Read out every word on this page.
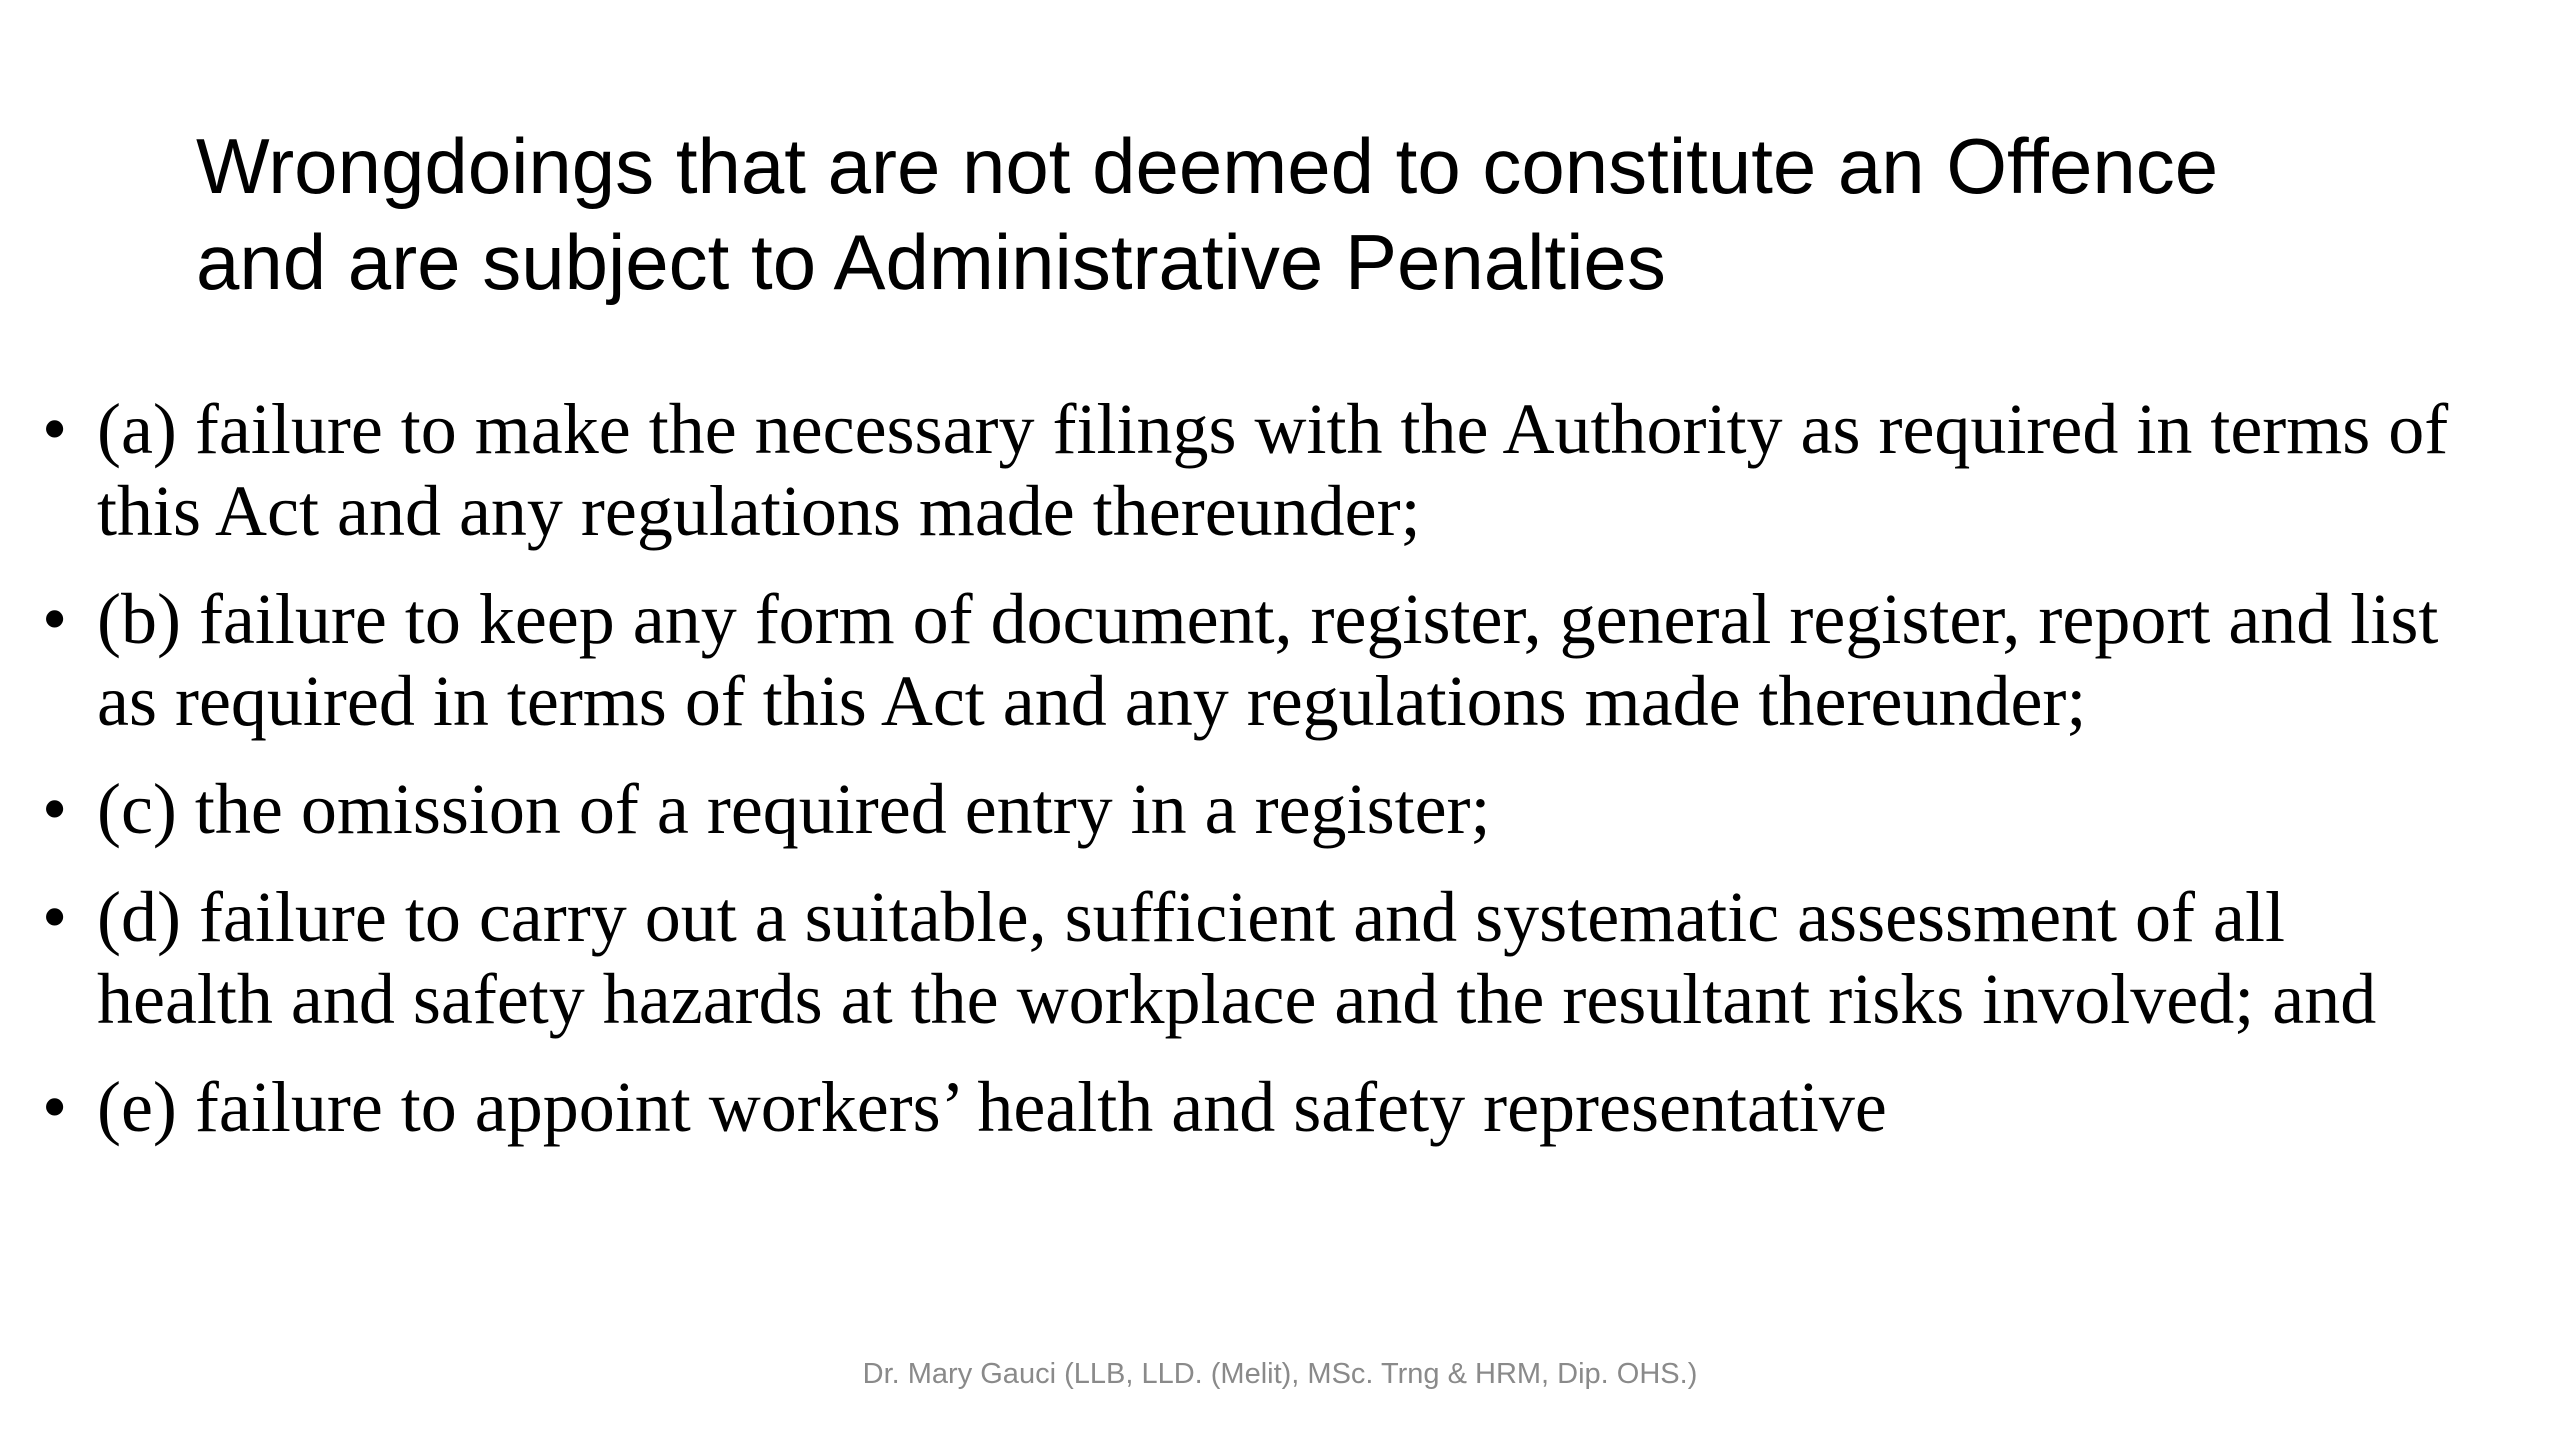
Wrongdoings that are not deemed to constitute an Offence
and are subject to Administrative Penalties
• (a) failure to make the necessary filings with the Authority as required in terms of this Act and any regulations made thereunder;
• (b) failure to keep any form of document, register, general register, report and list as required in terms of this Act and any regulations made thereunder;
• (c) the omission of a required entry in a register;
• (d) failure to carry out a suitable, sufficient and systematic assessment of all health and safety hazards at the workplace and the resultant risks involved; and
• (e) failure to appoint workers’ health and safety representative
Dr. Mary Gauci (LLB, LLD. (Melit), MSc. Trng & HRM, Dip. OHS.)
